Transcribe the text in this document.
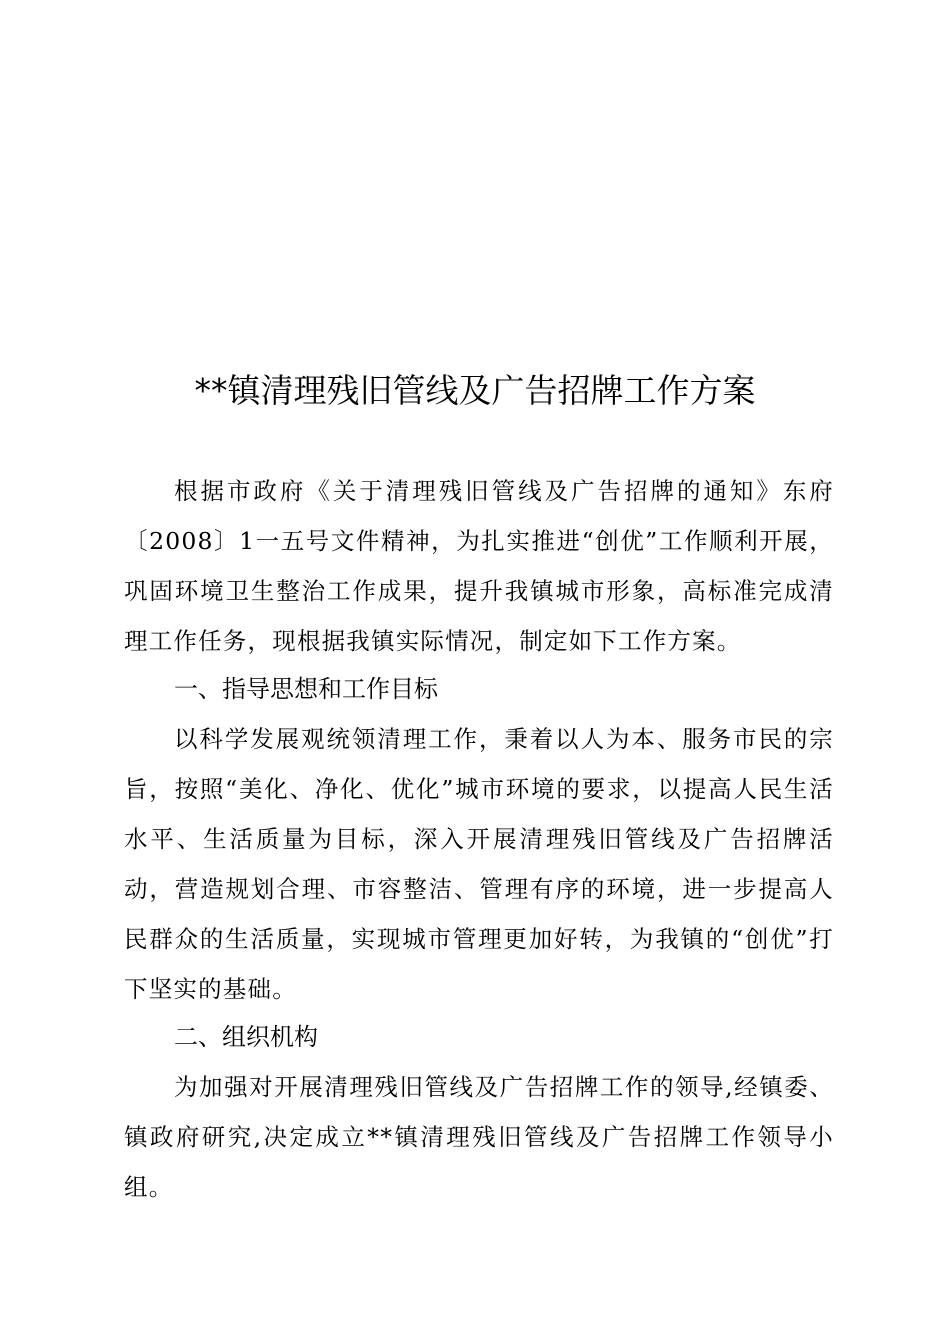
**镇清理残旧管线及广告招牌工作方案

根据市政府《关于清理残旧管线及广告招牌的通知》东府〔2008〕1一五号文件精神，为扎实推进“创优”工作顺利开展，巩固环境卫生整治工作成果，提升我镇城市形象，高标准完成清理工作任务，现根据我镇实际情况，制定如下工作方案。

一、指导思想和工作目标

以科学发展观统领清理工作，秉着以人为本、服务市民的宗旨，按照“美化、净化、优化”城市环境的要求，以提高人民生活水平、生活质量为目标，深入开展清理残旧管线及广告招牌活动，营造规划合理、市容整洁、管理有序的环境，进一步提高人民群众的生活质量，实现城市管理更加好转，为我镇的“创优”打下坚实的基础。

二、组织机构

为加强对开展清理残旧管线及广告招牌工作的领导,经镇委、镇政府研究,决定成立**镇清理残旧管线及广告招牌工作领导小组。
